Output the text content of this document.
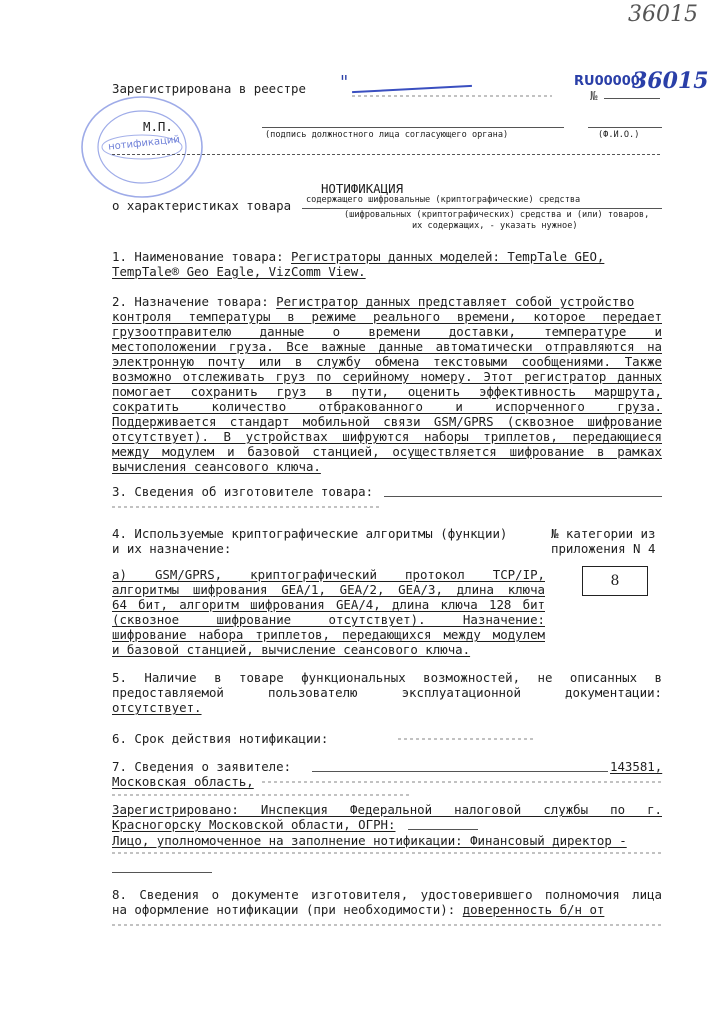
36015
нотификаций
Зарегистрирована в реестре "	RU00000
36015
№
М.П.
(подпись должностного лица согласующего органа)	(Ф.И.О.)
НОТИФИКАЦИЯ
о характеристиках товара содержащего шифровальные (криптографические) средства
(шифровальных (криптографических) средства и (или) товаров,
их содержащих, - указать нужное)
1. Наименование товара: Регистраторы данных моделей: TempTale GEO,
TempTale® Geo Eagle, VizComm View.
2. Назначение товара: Регистратор данных представляет собой устройство
контроля температуры в режиме реального времени, которое передает
грузоотправителю данные о времени доставки, температуре и
местоположении груза. Все важные данные автоматически отправляются на
электронную почту или в службу обмена текстовыми сообщениями. Также
возможно отслеживать груз по серийному номеру. Этот регистратор данных
помогает сохранить груз в пути, оценить эффективность маршрута,
сократить количество отбракованного и испорченного груза.
Поддерживается стандарт мобильной связи GSM/GPRS (сквозное шифрование
отсутствует). В устройствах шифруются наборы триплетов, передающиеся
между модулем и базовой станцией, осуществляется шифрование в рамках
вычисления сеансового ключа.
3. Сведения об изготовителе товара:
4. Используемые криптографические алгоритмы (функции)
и их назначение:
№ категории из
приложения N 4
а) GSM/GPRS, криптографический протокол TCP/IP,
алгоритмы шифрования GEA/1, GEA/2, GEA/3, длина ключа
64 бит, алгоритм шифрования GEA/4, длина ключа 128 бит
(сквозное шифрование отсутствует). Назначение:
шифрование набора триплетов, передающихся между модулем
и базовой станцией, вычисление сеансового ключа.
8
5. Наличие в товаре функциональных возможностей, не описанных в
предоставляемой пользователю эксплуатационной документации:
отсутствует.
6. Срок действия нотификации:
7. Сведения о заявителе:	143581,
Московская область,
Зарегистрировано: Инспекция Федеральной налоговой службы по г.
Красногорску Московской области, ОГРН:
Лицо, уполномоченное на заполнение нотификации: Финансовый директор -
8. Сведения о документе изготовителя, удостоверившего полномочия лица
на оформление нотификации (при необходимости): доверенность б/н от
